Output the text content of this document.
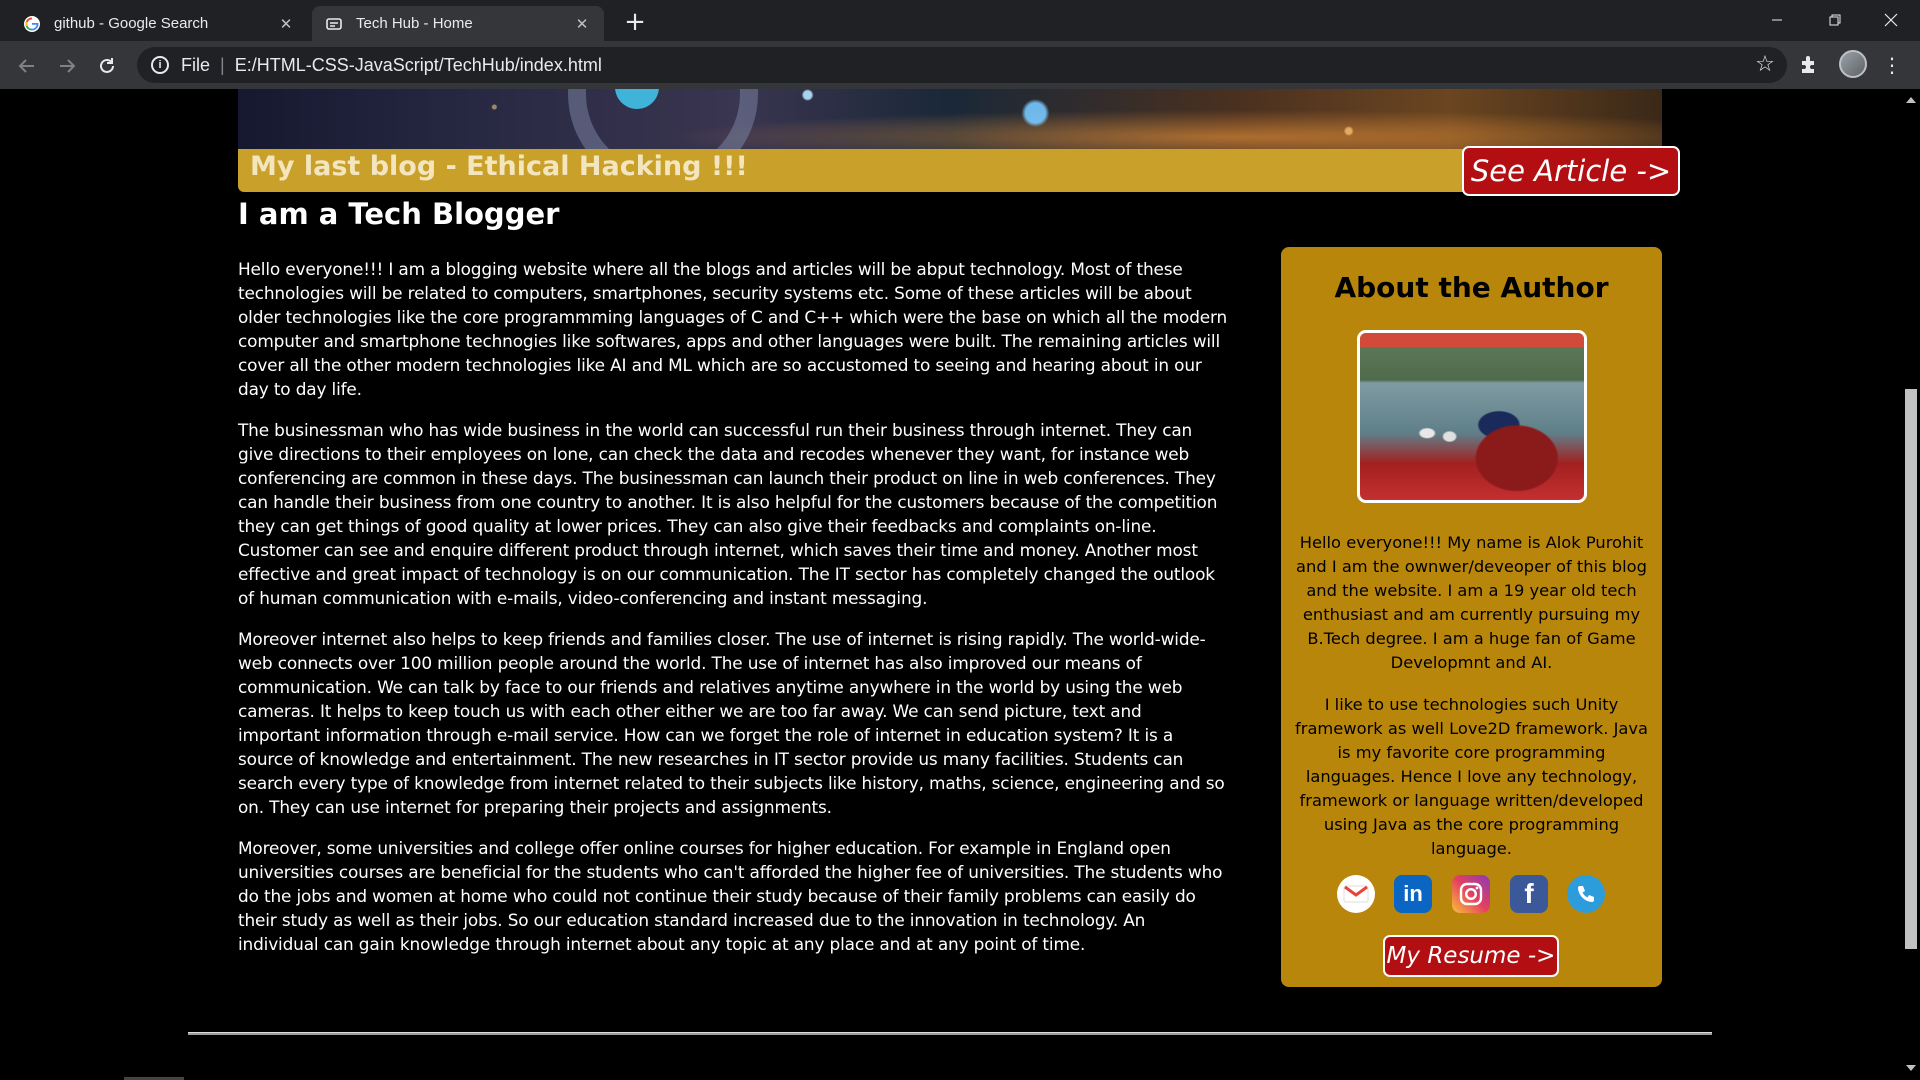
github - Google Search	✕	Tech Hub - Home	✕ +
i	File | E:/HTML-CSS-JavaScript/TechHub/index.html	☆	⋮
My last blog - Ethical Hacking !!!	See Article ->
I am a Tech Blogger

Hello everyone!!! I am a blogging website where all the blogs and articles will be abput technology. Most of these technologies will be related to computers, smartphones, security systems etc. Some of these articles will be about older technologies like the core programmming languages of C and C++ which were the base on which all the modern computer and smartphone technogies like softwares, apps and other languages were built. The remaining articles will cover all the other modern technologies like AI and ML which are so accustomed to seeing and hearing about in our day to day life.

The businessman who has wide business in the world can successful run their business through internet. They can give directions to their employees on lone, can check the data and recodes whenever they want, for instance web conferencing are common in these days. The businessman can launch their product on line in web conferences. They can handle their business from one country to another. It is also helpful for the customers because of the competition they can get things of good quality at lower prices. They can also give their feedbacks and complaints on-line. Customer can see and enquire different product through internet, which saves their time and money. Another most effective and great impact of technology is on our communication. The IT sector has completely changed the outlook of human communication with e-mails, video-conferencing and instant messaging.

Moreover internet also helps to keep friends and families closer. The use of internet is rising rapidly. The world-wide-web connects over 100 million people around the world. The use of internet has also improved our means of communication. We can talk by face to our friends and relatives anytime anywhere in the world by using the web cameras. It helps to keep touch us with each other either we are too far away. We can send picture, text and important information through e-mail service. How can we forget the role of internet in education system? It is a source of knowledge and entertainment. The new researches in IT sector provide us many facilities. Students can search every type of knowledge from internet related to their subjects like history, maths, science, engineering and so on. They can use internet for preparing their projects and assignments.

Moreover, some universities and college offer online courses for higher education. For example in England open universities courses are beneficial for the students who can't afforded the higher fee of universities. The students who do the jobs and women at home who could not continue their study because of their family problems can easily do their study as well as their jobs. So our education standard increased due to the innovation in technology. An individual can gain knowledge through internet about any topic at any place and at any point of time.

About the Author

Hello everyone!!! My name is Alok Purohit and I am the ownwer/deveoper of this blog and the website. I am a 19 year old tech enthusiast and am currently pursuing my B.Tech degree. I am a huge fan of Game Developmnt and AI.

I like to use technologies such Unity framework as well Love2D framework. Java is my favorite core programming languages. Hence I love any technology, framework or language written/developed using Java as the core programming language.

in	f
My Resume ->
